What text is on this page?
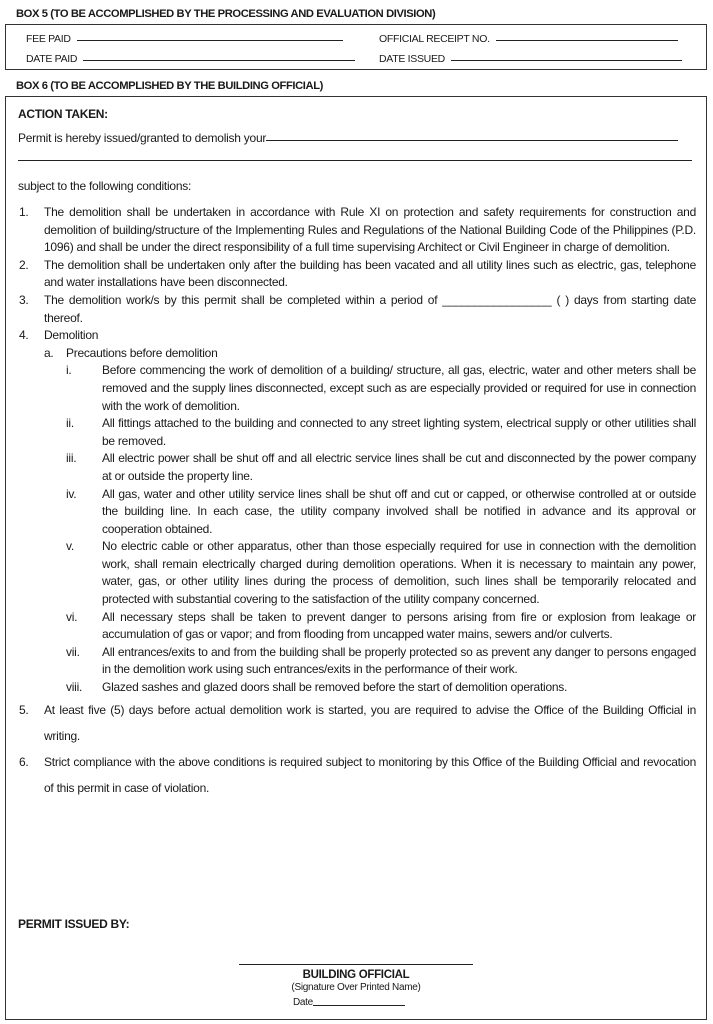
BOX 5 (TO BE ACCOMPLISHED BY THE PROCESSING AND EVALUATION DIVISION)
FEE PAID
DATE PAID
OFFICIAL RECEIPT NO.
DATE ISSUED
BOX 6 (TO BE ACCOMPLISHED BY THE BUILDING OFFICIAL)
ACTION TAKEN:
Permit is hereby issued/granted to demolish your
subject to the following conditions:
1. The demolition shall be undertaken in accordance with Rule XI on protection and safety requirements for construction and demolition of building/structure of the Implementing Rules and Regulations of the National Building Code of the Philippines (P.D. 1096) and shall be under the direct responsibility of a full time supervising Architect or Civil Engineer in charge of demolition.
2. The demolition shall be undertaken only after the building has been vacated and all utility lines such as electric, gas, telephone and water installations have been disconnected.
3. The demolition work/s by this permit shall be completed within a period of _________________ ( ) days from starting date thereof.
4. Demolition
a. Precautions before demolition
i.	Before commencing the work of demolition of a building/ structure, all gas, electric, water and other meters shall be removed and the supply lines disconnected, except such as are especially provided or required for use in connection with the work of demolition.
ii. All fittings attached to the building and connected to any street lighting system, electrical supply or other utilities shall be removed.
iii. All electric power shall be shut off and all electric service lines shall be cut and disconnected by the power company at or outside the property line.
iv. All gas, water and other utility service lines shall be shut off and cut or capped, or otherwise controlled at or outside the building line. In each case, the utility company involved shall be notified in advance and its approval or cooperation obtained.
v. No electric cable or other apparatus, other than those especially required for use in connection with the demolition work, shall remain electrically charged during demolition operations. When it is necessary to maintain any power, water, gas, or other utility lines during the process of demolition, such lines shall be temporarily relocated and protected with substantial covering to the satisfaction of the utility company concerned.
vi. All necessary steps shall be taken to prevent danger to persons arising from fire or explosion from leakage or accumulation of gas or vapor; and from flooding from uncapped water mains, sewers and/or culverts.
vii. All entrances/exits to and from the building shall be properly protected so as prevent any danger to persons engaged in the demolition work using such entrances/exits in the performance of their work.
viii. Glazed sashes and glazed doors shall be removed before the start of demolition operations.
5. At least five (5) days before actual demolition work is started, you are required to advise the Office of the Building Official in writing.
6. Strict compliance with the above conditions is required subject to monitoring by this Office of the Building Official and revocation of this permit in case of violation.
PERMIT ISSUED BY:
BUILDING OFFICIAL
(Signature Over Printed Name)
Date
